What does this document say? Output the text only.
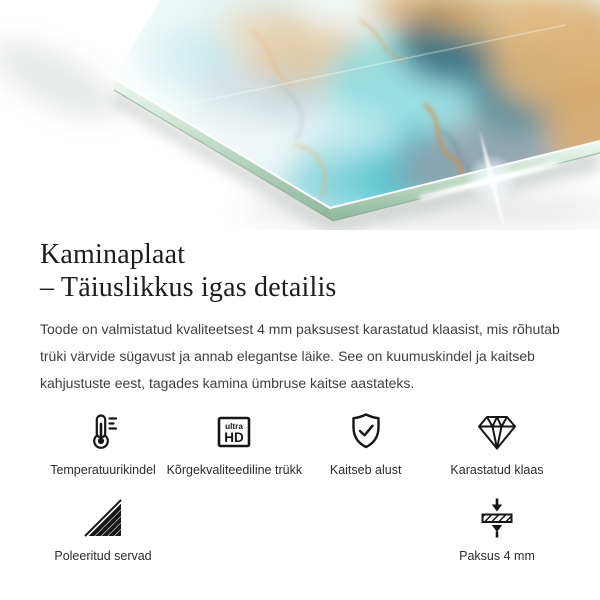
Kaminaplaat
– Täiuslikkus igas detailis

Toode on valmistatud kvaliteetsest 4 mm paksusest karastatud klaasist, mis rõhutab trüki värvide sügavust ja annab elegantse läike. See on kuumuskindel ja kaitseb kahjustuste eest, tagades kamina ümbruse kaitse aastateks.

Temperatuurikindel
ultra
HD
Kõrgekvaliteediline trükk Kaitseb alust	Karastatud klaas
Poleeritud servad	Paksus 4 mm
